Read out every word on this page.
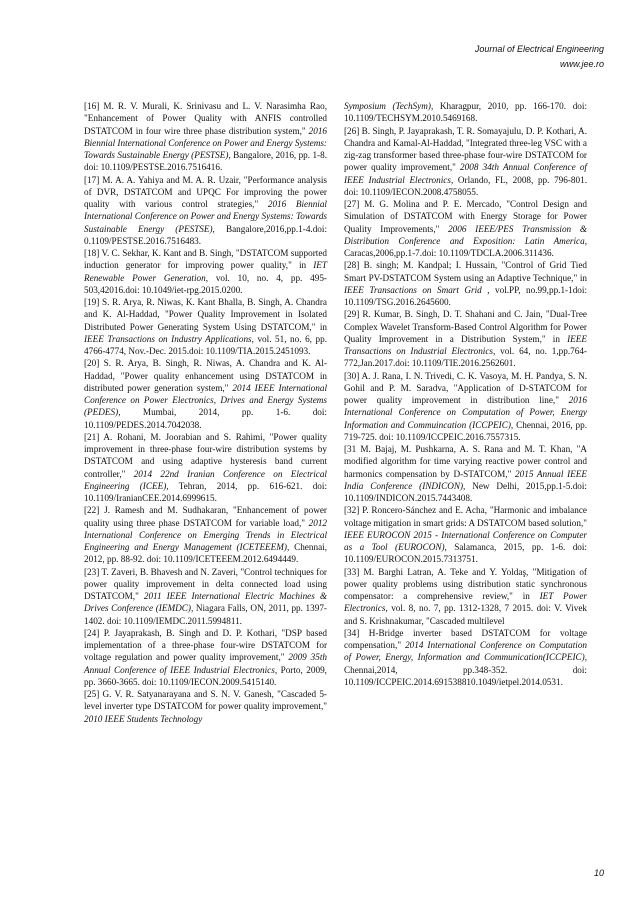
Journal of Electrical Engineering
www.jee.ro

[16] M. R. V. Murali, K. Srinivasu and L. V. Narasimha Rao, "Enhancement of Power Quality with ANFIS controlled DSTATCOM in four wire three phase distribution system," 2016 Biennial International Conference on Power and Energy Systems: Towards Sustainable Energy (PESTSE), Bangalore, 2016, pp. 1-8. doi: 10.1109/PESTSE.2016.7516416.

[17] M. A. A. Yahiya and M. A. R. Uzair, "Performance analysis of DVR, DSTATCOM and UPQC For improving the power quality with various control strategies," 2016 Biennial International Conference on Power and Energy Systems: Towards Sustainable Energy (PESTSE), Bangalore,2016,pp.1-4.doi: 0.1109/PESTSE.2016.7516483.

[18] V. C. Sekhar, K. Kant and B. Singh, "DSTATCOM supported induction generator for improving power quality," in IET Renewable Power Generation, vol. 10, no. 4, pp. 495-503,42016.doi: 10.1049/iet-rpg.2015.0200.

[19] S. R. Arya, R. Niwas, K. Kant Bhalla, B. Singh, A. Chandra and K. Al-Haddad, "Power Quality Improvement in Isolated Distributed Power Generating System Using DSTATCOM," in IEEE Transactions on Industry Applications, vol. 51, no. 6, pp. 4766-4774, Nov.-Dec. 2015.doi: 10.1109/TIA.2015.2451093.

[20] S. R. Arya, B. Singh, R. Niwas, A. Chandra and K. Al-Haddad, "Power quality enhancement using DSTATCOM in distributed power generation system," 2014 IEEE International Conference on Power Electronics, Drives and Energy Systems (PEDES), Mumbai, 2014, pp. 1-6. doi: 10.1109/PEDES.2014.7042038.

[21] A. Rohani, M. Joorabian and S. Rahimi, "Power quality improvement in three-phase four-wire distribution systems by DSTATCOM and using adaptive hysteresis band current controller," 2014 22nd Iranian Conference on Electrical Engineering (ICEE), Tehran, 2014, pp. 616-621. doi: 10.1109/IranianCEE.2014.6999615.

[22] J. Ramesh and M. Sudhakaran, "Enhancement of power quality using three phase DSTATCOM for variable load," 2012 International Conference on Emerging Trends in Electrical Engineering and Energy Management (ICETEEEM), Chennai, 2012, pp. 88-92. doi: 10.1109/ICETEEEM.2012.6494449.

[23] T. Zaveri, B. Bhavesh and N. Zaveri, "Control techniques for power quality improvement in delta connected load using DSTATCOM," 2011 IEEE International Electric Machines & Drives Conference (IEMDC), Niagara Falls, ON, 2011, pp. 1397-1402. doi: 10.1109/IEMDC.2011.5994811.

[24] P. Jayaprakash, B. Singh and D. P. Kothari, "DSP based implementation of a three-phase four-wire DSTATCOM for voltage regulation and power quality improvement," 2009 35th Annual Conference of IEEE Industrial Electronics, Porto, 2009, pp. 3660-3665. doi: 10.1109/IECON.2009.5415140.

[25] G. V. R. Satyanarayana and S. N. V. Ganesh, "Cascaded 5-level inverter type DSTATCOM for power quality improvement," 2010 IEEE Students Technology

Symposium (TechSym), Kharagpur, 2010, pp. 166-170. doi: 10.1109/TECHSYM.2010.5469168.

[26] B. Singh, P. Jayaprakash, T. R. Somayajulu, D. P. Kothari, A. Chandra and Kamal-Al-Haddad, "Integrated three-leg VSC with a zig-zag transformer based three-phase four-wire DSTATCOM for power quality improvement," 2008 34th Annual Conference of IEEE Industrial Electronics, Orlando, FL, 2008, pp. 796-801. doi: 10.1109/IECON.2008.4758055.

[27] M. G. Molina and P. E. Mercado, "Control Design and Simulation of DSTATCOM with Energy Storage for Power Quality Improvements," 2006 IEEE/PES Transmission & Distribution Conference and Exposition: Latin America, Caracas,2006,pp.1-7.doi: 10.1109/TDCLA.2006.311436.

[28] B. singh; M. Kandpal; I. Hussain, "Control of Grid Tied Smart PV-DSTATCOM System using an Adaptive Technique," in IEEE Transactions on Smart Grid , vol.PP, no.99,pp.1-1doi: 10.1109/TSG.2016.2645600.

[29] R. Kumar, B. Singh, D. T. Shahani and C. Jain, "Dual-Tree Complex Wavelet Transform-Based Control Algorithm for Power Quality Improvement in a Distribution System," in IEEE Transactions on Industrial Electronics, vol. 64, no. 1,pp.764-772,Jan.2017.doi: 10.1109/TIE.2016.2562601.

[30] A. J. Rana, I. N. Trivedi, C. K. Vasoya, M. H. Pandya, S. N. Gohil and P. M. Saradva, "Application of D-STATCOM for power quality improvement in distribution line," 2016 International Conference on Computation of Power, Energy Information and Commuincation (ICCPEIC), Chennai, 2016, pp. 719-725. doi: 10.1109/ICCPEIC.2016.7557315.

[31 M. Bajaj, M. Pushkarna, A. S. Rana and M. T. Khan, "A modified algorithm for time varying reactive power control and harmonics compensation by D-STATCOM," 2015 Annual IEEE India Conference (INDICON), New Delhi, 2015,pp.1-5.doi: 10.1109/INDICON.2015.7443408.

[32] P. Roncero-Sánchez and E. Acha, "Harmonic and imbalance voltage mitigation in smart grids: A DSTATCOM based solution," IEEE EUROCON 2015 - International Conference on Computer as a Tool (EUROCON), Salamanca, 2015, pp. 1-6. doi: 10.1109/EUROCON.2015.7313751.

[33] M. Barghi Latran, A. Teke and Y. Yoldaş, "Mitigation of power quality problems using distribution static synchronous compensator: a comprehensive review," in IET Power Electronics, vol. 8, no. 7, pp. 1312-1328, 7 2015. doi: V. Vivek and S. Krishnakumar, "Cascaded multilevel

[34] H-Bridge inverter based DSTATCOM for voltage compensation," 2014 International Conference on Computation of Power, Energy, Information and Communication(ICCPEIC), Chennai,2014, pp.348-352. doi: 10.1109/ICCPEIC.2014.691538810.1049/ietpel.2014.0531.

10
